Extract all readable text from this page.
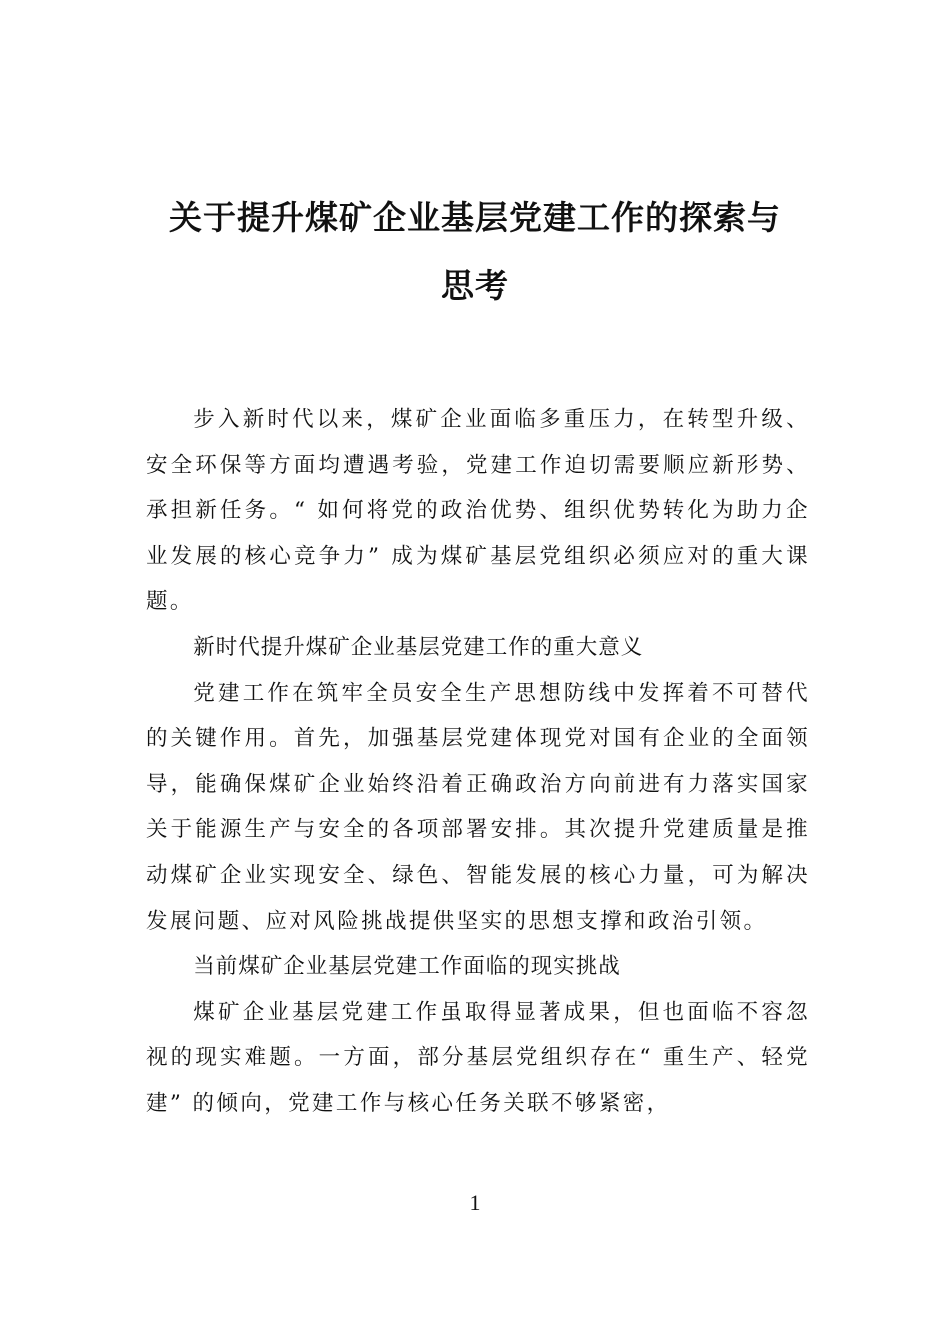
关于提升煤矿企业基层党建工作的探索与
思考

步入新时代以来，煤矿企业面临多重压力，在转型升级、安全环保等方面均遭遇考验，党建工作迫切需要顺应新形势、承担新任务。“ 如何将党的政治优势、组织优势转化为助力企业发展的核心竞争力” 成为煤矿基层党组织必须应对的重大课题。

新时代提升煤矿企业基层党建工作的重大意义

党建工作在筑牢全员安全生产思想防线中发挥着不可替代的关键作用。首先，加强基层党建体现党对国有企业的全面领导，能确保煤矿企业始终沿着正确政治方向前进有力落实国家关于能源生产与安全的各项部署安排。其次提升党建质量是推动煤矿企业实现安全、绿色、智能发展的核心力量，可为解决发展问题、应对风险挑战提供坚实的思想支撑和政治引领。

当前煤矿企业基层党建工作面临的现实挑战

煤矿企业基层党建工作虽取得显著成果，但也面临不容忽视的现实难题。一方面，部分基层党组织存在“ 重生产、轻党建” 的倾向，党建工作与核心任务关联不够紧密，

1
